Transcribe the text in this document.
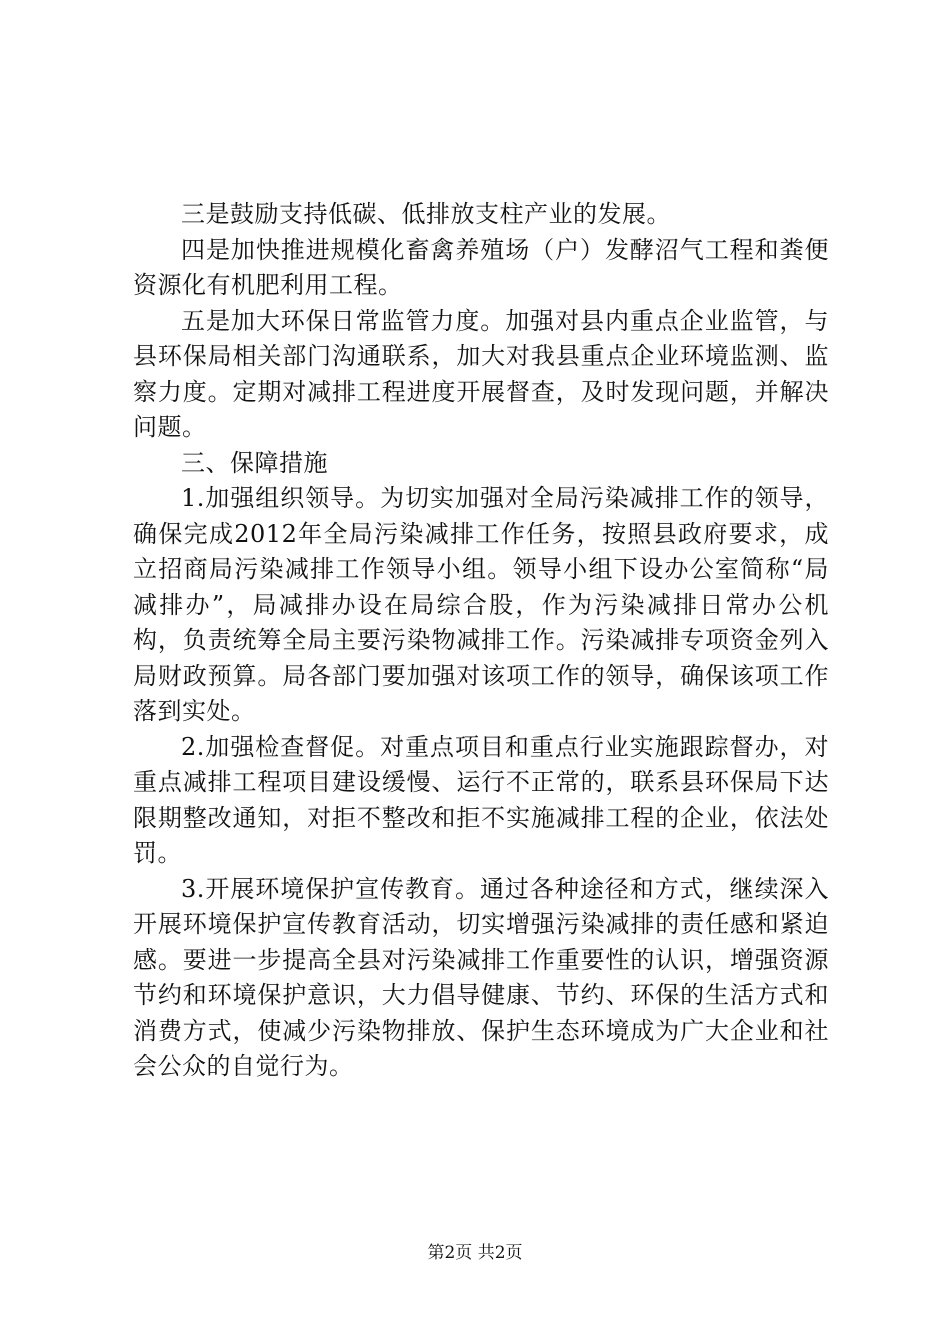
三是鼓励支持低碳、低排放支柱产业的发展。

四是加快推进规模化畜禽养殖场（户）发酵沼气工程和粪便资源化有机肥利用工程。

五是加大环保日常监管力度。加强对县内重点企业监管，与县环保局相关部门沟通联系，加大对我县重点企业环境监测、监察力度。定期对减排工程进度开展督查，及时发现问题，并解决问题。

三、保障措施

1.加强组织领导。为切实加强对全局污染减排工作的领导，确保完成2012年全局污染减排工作任务，按照县政府要求，成立招商局污染减排工作领导小组。领导小组下设办公室简称“局减排办”，局减排办设在局综合股，作为污染减排日常办公机构，负责统筹全局主要污染物减排工作。污染减排专项资金列入局财政预算。局各部门要加强对该项工作的领导，确保该项工作落到实处。

2.加强检查督促。对重点项目和重点行业实施跟踪督办，对重点减排工程项目建设缓慢、运行不正常的，联系县环保局下达限期整改通知，对拒不整改和拒不实施减排工程的企业，依法处罚。

3.开展环境保护宣传教育。通过各种途径和方式，继续深入开展环境保护宣传教育活动，切实增强污染减排的责任感和紧迫感。要进一步提高全县对污染减排工作重要性的认识，增强资源节约和环境保护意识，大力倡导健康、节约、环保的生活方式和消费方式，使减少污染物排放、保护生态环境成为广大企业和社会公众的自觉行为。

第2页 共2页
